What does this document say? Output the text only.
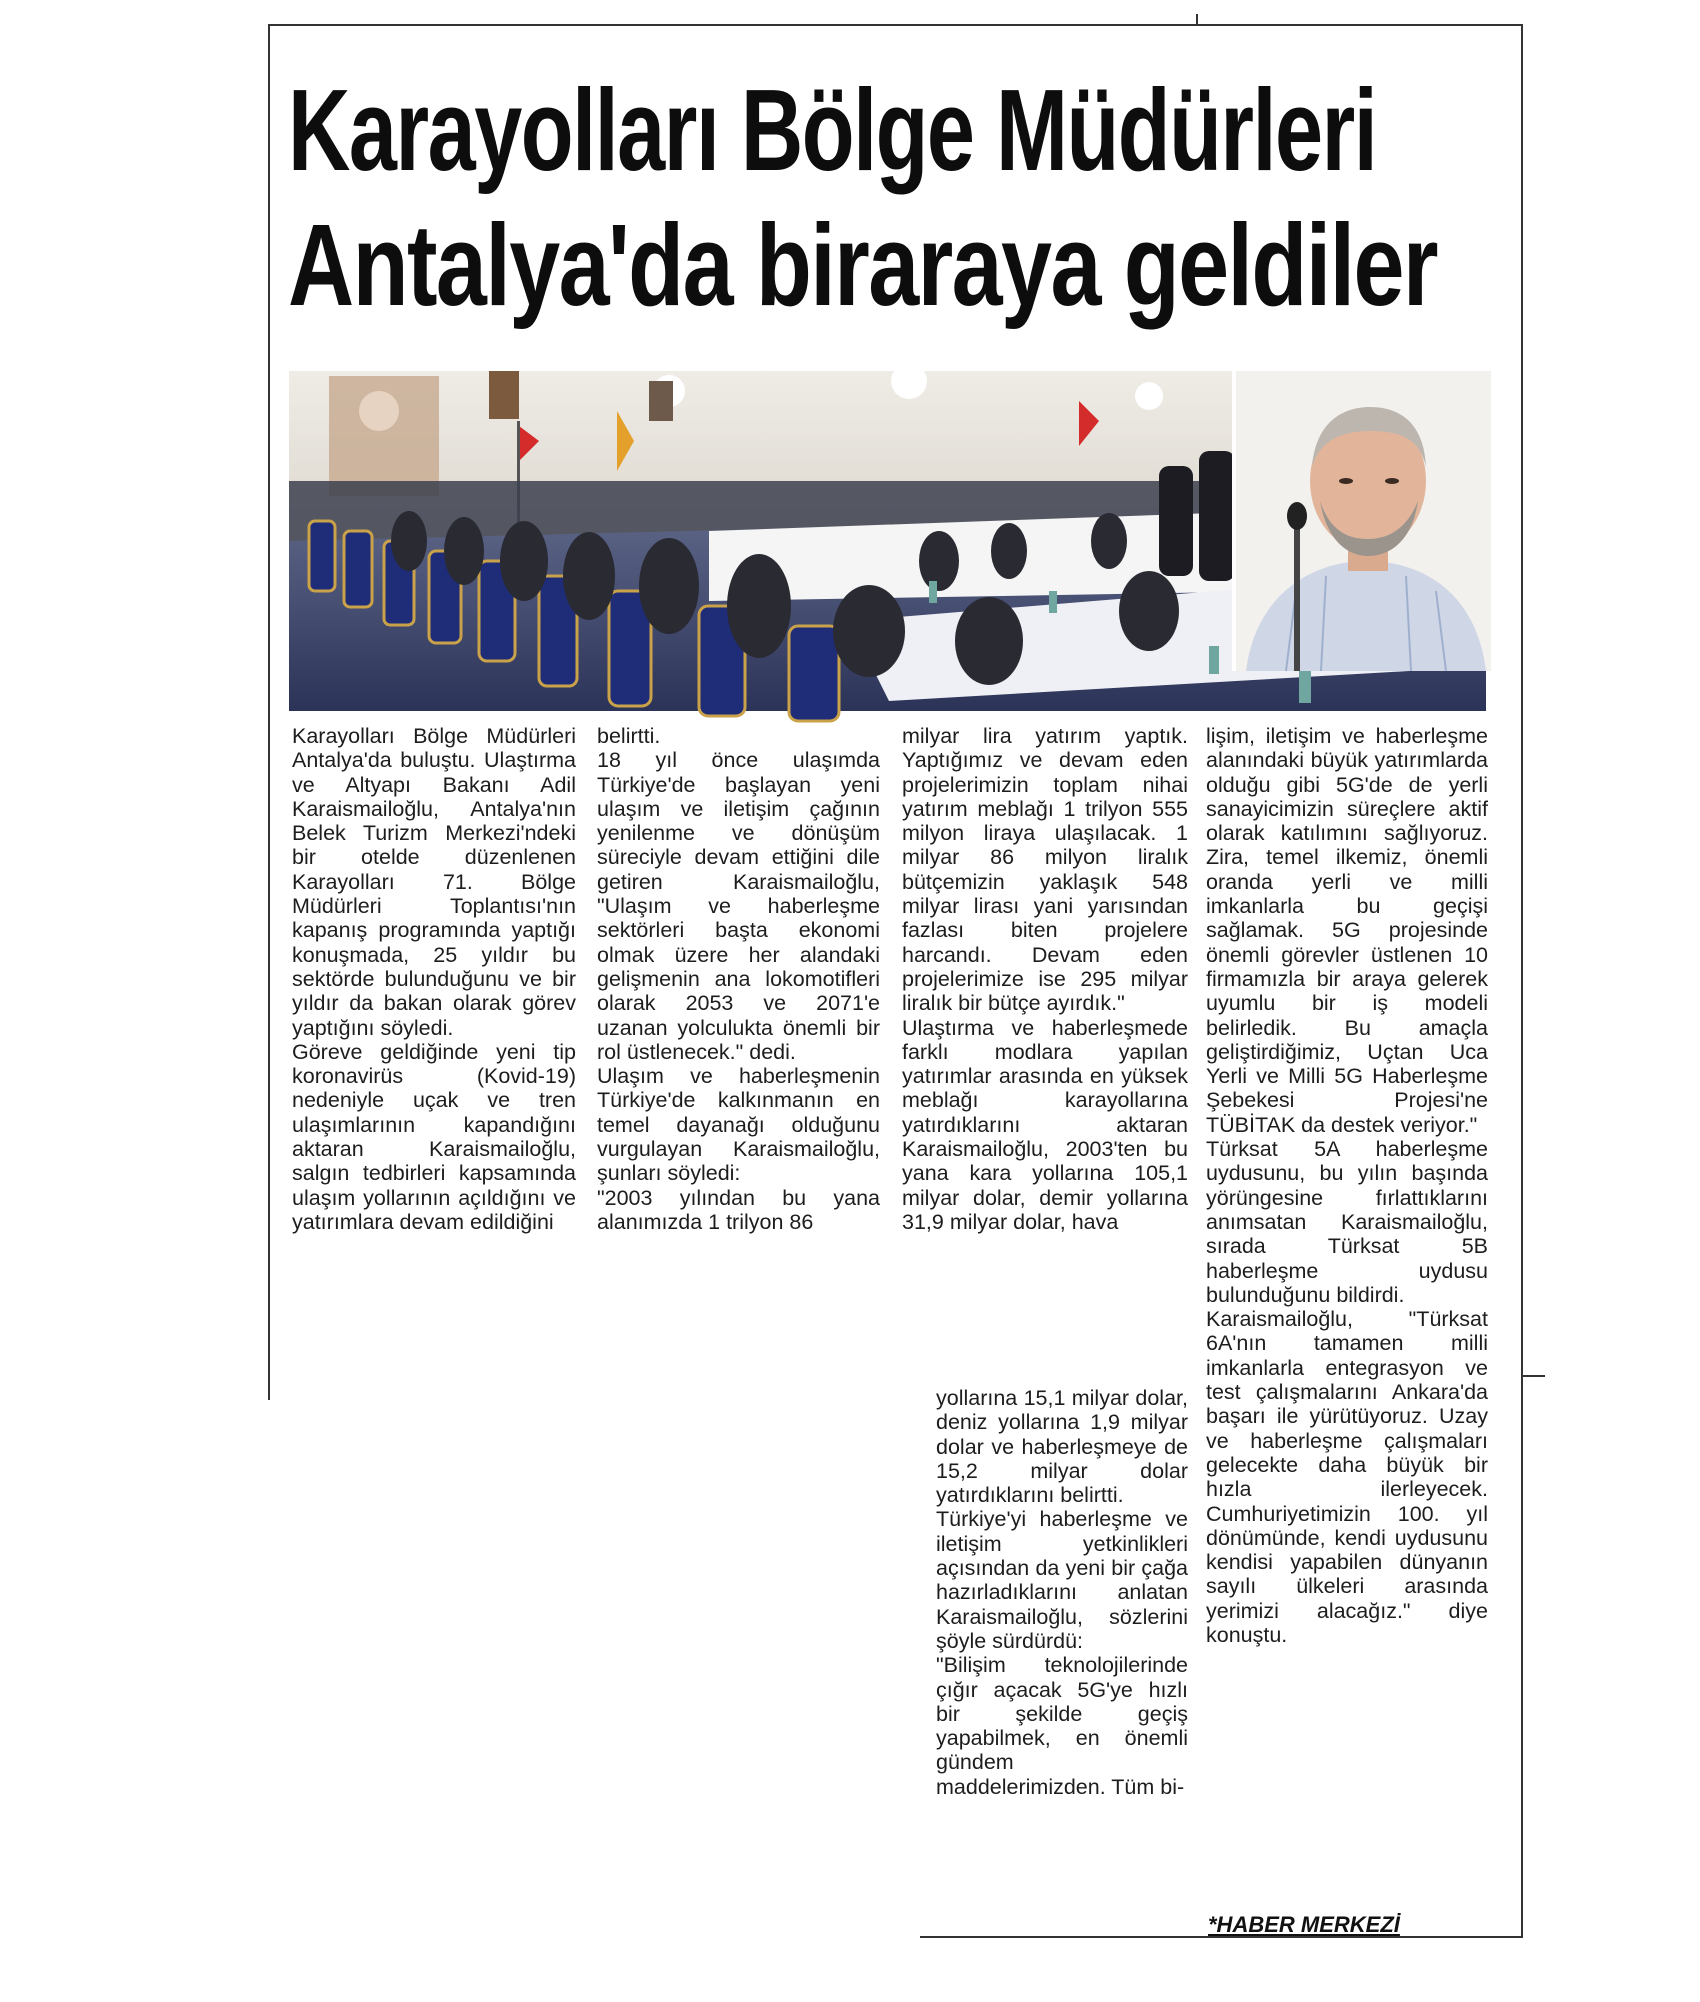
Karayolları Bölge Müdürleri
Antalya'da biraraya geldiler

Karayolları Bölge Müdürleri Antalya'da buluştu. Ulaştırma ve Altyapı Bakanı Adil Karaismailoğlu, Antalya'nın Belek Turizm Merkezi'ndeki bir otelde düzenlenen Karayolları 71. Bölge Müdürleri Toplantısı'nın kapanış programında yaptığı konuşmada, 25 yıldır bu sektörde bulunduğunu ve bir yıldır da bakan olarak görev yaptığını söyledi.

Göreve geldiğinde yeni tip koronavirüs (Kovid-19) nedeniyle uçak ve tren ulaşımlarının kapandığını aktaran Karaismailoğlu, salgın tedbirleri kapsamında ulaşım yollarının açıldığını ve yatırımlara devam edildiğini

belirtti.

18 yıl önce ulaşımda Türkiye'de başlayan yeni ulaşım ve iletişim çağının yenilenme ve dönüşüm süreciyle devam ettiğini dile getiren Karaismailoğlu, "Ulaşım ve haberleşme sektörleri başta ekonomi olmak üzere her alandaki gelişmenin ana lokomotifleri olarak 2053 ve 2071'e uzanan yolculukta önemli bir rol üstlenecek." dedi.

Ulaşım ve haberleşmenin Türkiye'de kalkınmanın en temel dayanağı olduğunu vurgulayan Karaismailoğlu, şunları söyledi:

"2003 yılından bu yana alanımızda 1 trilyon 86

milyar lira yatırım yaptık. Yaptığımız ve devam eden projelerimizin toplam nihai yatırım meblağı 1 trilyon 555 milyon liraya ulaşılacak. 1 milyar 86 milyon liralık bütçemizin yaklaşık 548 milyar lirası yani yarısından fazlası biten projelere harcandı. Devam eden projelerimize ise 295 milyar liralık bir bütçe ayırdık."

Ulaştırma ve haberleşmede farklı modlara yapılan yatırımlar arasında en yüksek meblağı karayollarına yatırdıklarını aktaran Karaismailoğlu, 2003'ten bu yana kara yollarına 105,1 milyar dolar, demir yollarına 31,9 milyar dolar, hava

yollarına 15,1 milyar dolar, deniz yollarına 1,9 milyar dolar ve haberleşmeye de 15,2 milyar dolar yatırdıklarını belirtti.

Türkiye'yi haberleşme ve iletişim yetkinlikleri açısından da yeni bir çağa hazırladıklarını anlatan Karaismailoğlu, sözlerini şöyle sürdürdü:

"Bilişim teknolojilerinde çığır açacak 5G'ye hızlı bir şekilde geçiş yapabilmek, en önemli gündem maddelerimizden. Tüm bi-

lişim, iletişim ve haberleşme alanındaki büyük yatırımlarda olduğu gibi 5G'de de yerli sanayicimizin süreçlere aktif olarak katılımını sağlıyoruz. Zira, temel ilkemiz, önemli oranda yerli ve milli imkanlarla bu geçişi sağlamak. 5G projesinde önemli görevler üstlenen 10 firmamızla bir araya gelerek uyumlu bir iş modeli belirledik. Bu amaçla geliştirdiğimiz, Uçtan Uca Yerli ve Milli 5G Haberleşme Şebekesi Projesi'ne TÜBİTAK da destek veriyor."

Türksat 5A haberleşme uydusunu, bu yılın başında yörüngesine fırlattıklarını anımsatan Karaismailoğlu, sırada Türksat 5B haberleşme uydusu bulunduğunu bildirdi.

Karaismailoğlu, "Türksat 6A'nın tamamen milli imkanlarla entegrasyon ve test çalışmalarını Ankara'da başarı ile yürütüyoruz. Uzay ve haberleşme çalışmaları gelecekte daha büyük bir hızla ilerleyecek. Cumhuriyetimizin 100. yıl dönümünde, kendi uydusunu kendisi yapabilen dünyanın sayılı ülkeleri arasında yerimizi alacağız." diye konuştu.

*HABER MERKEZİ
